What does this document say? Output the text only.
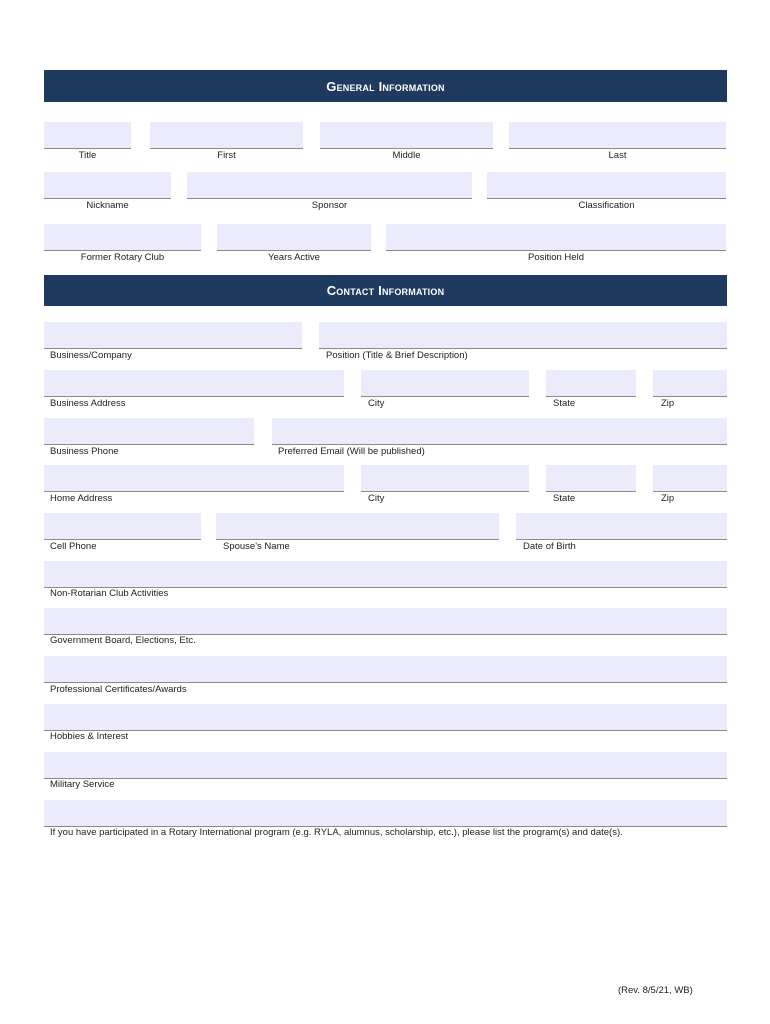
General Information
Title	First	Middle	Last
Nickname	Sponsor	Classification
Former Rotary Club	Years Active	Position Held
Contact Information
Business/Company	Position (Title & Brief Description)
Business Address	City	State	Zip
Business Phone	Preferred Email (Will be published)
Home Address	City	State	Zip
Cell Phone	Spouse's Name	Date of Birth
Non-Rotarian Club Activities
Government Board, Elections, Etc.
Professional Certificates/Awards
Hobbies & Interest
Military Service
If you have participated in a Rotary International program (e.g. RYLA, alumnus, scholarship, etc.), please list the program(s) and date(s).
(Rev. 8/5/21, WB)
